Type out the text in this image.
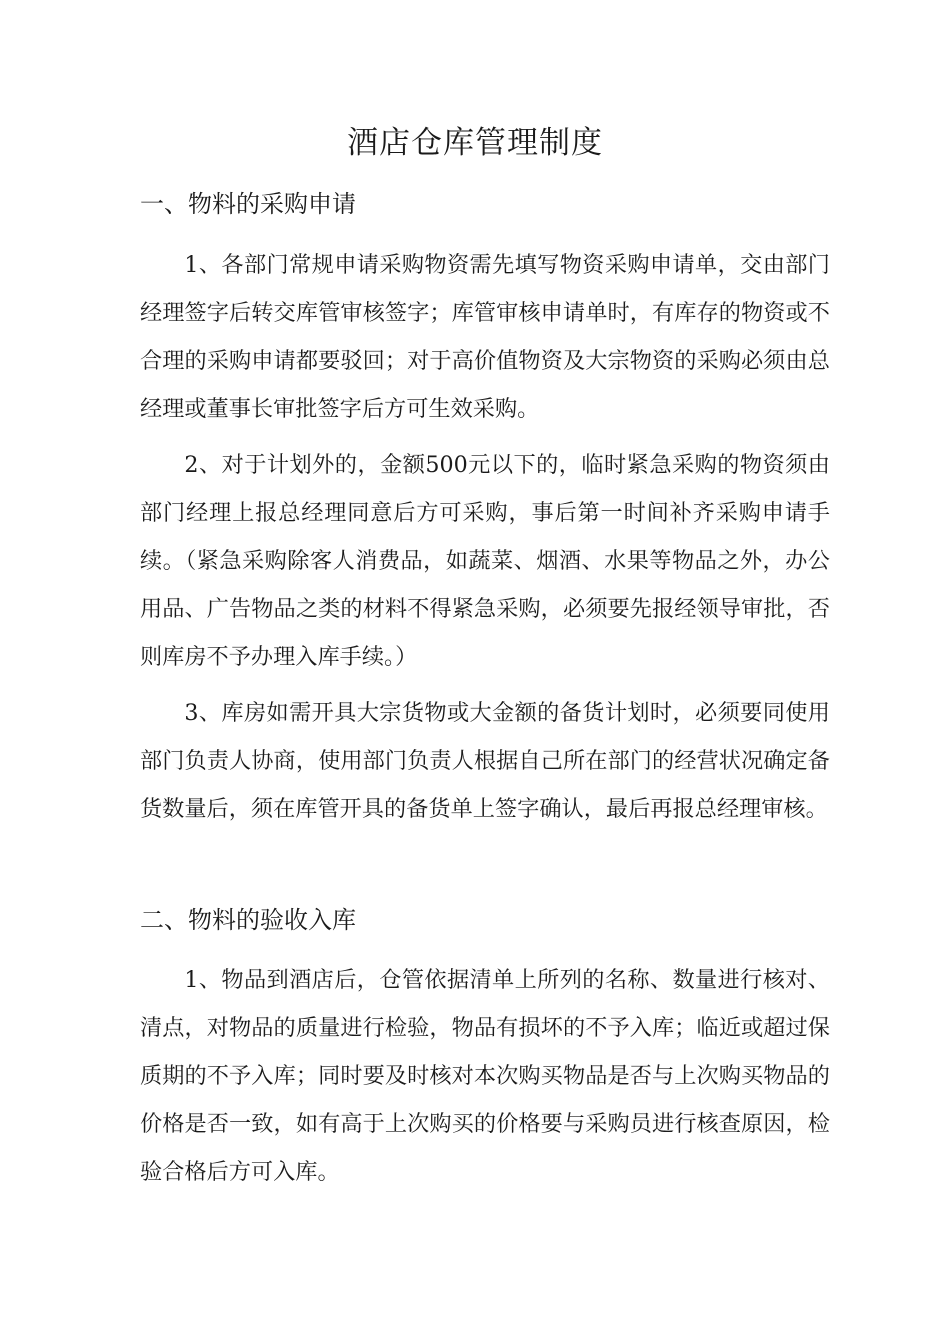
酒店仓库管理制度
一、物料的采购申请

1、各部门常规申请采购物资需先填写物资采购申请单，交由部门经理签字后转交库管审核签字；库管审核申请单时，有库存的物资或不合理的采购申请都要驳回；对于高价值物资及大宗物资的采购必须由总经理或董事长审批签字后方可生效采购。

2、对于计划外的，金额500元以下的，临时紧急采购的物资须由部门经理上报总经理同意后方可采购，事后第一时间补齐采购申请手续。（紧急采购除客人消费品，如蔬菜、烟酒、水果等物品之外，办公用品、广告物品之类的材料不得紧急采购，必须要先报经领导审批，否则库房不予办理入库手续。）

3、库房如需开具大宗货物或大金额的备货计划时，必须要同使用部门负责人协商，使用部门负责人根据自己所在部门的经营状况确定备货数量后，须在库管开具的备货单上签字确认，最后再报总经理审核。

二、物料的验收入库

1、物品到酒店后，仓管依据清单上所列的名称、数量进行核对、清点，对物品的质量进行检验，物品有损坏的不予入库；临近或超过保质期的不予入库；同时要及时核对本次购买物品是否与上次购买物品的价格是否一致，如有高于上次购买的价格要与采购员进行核查原因，检验合格后方可入库。
